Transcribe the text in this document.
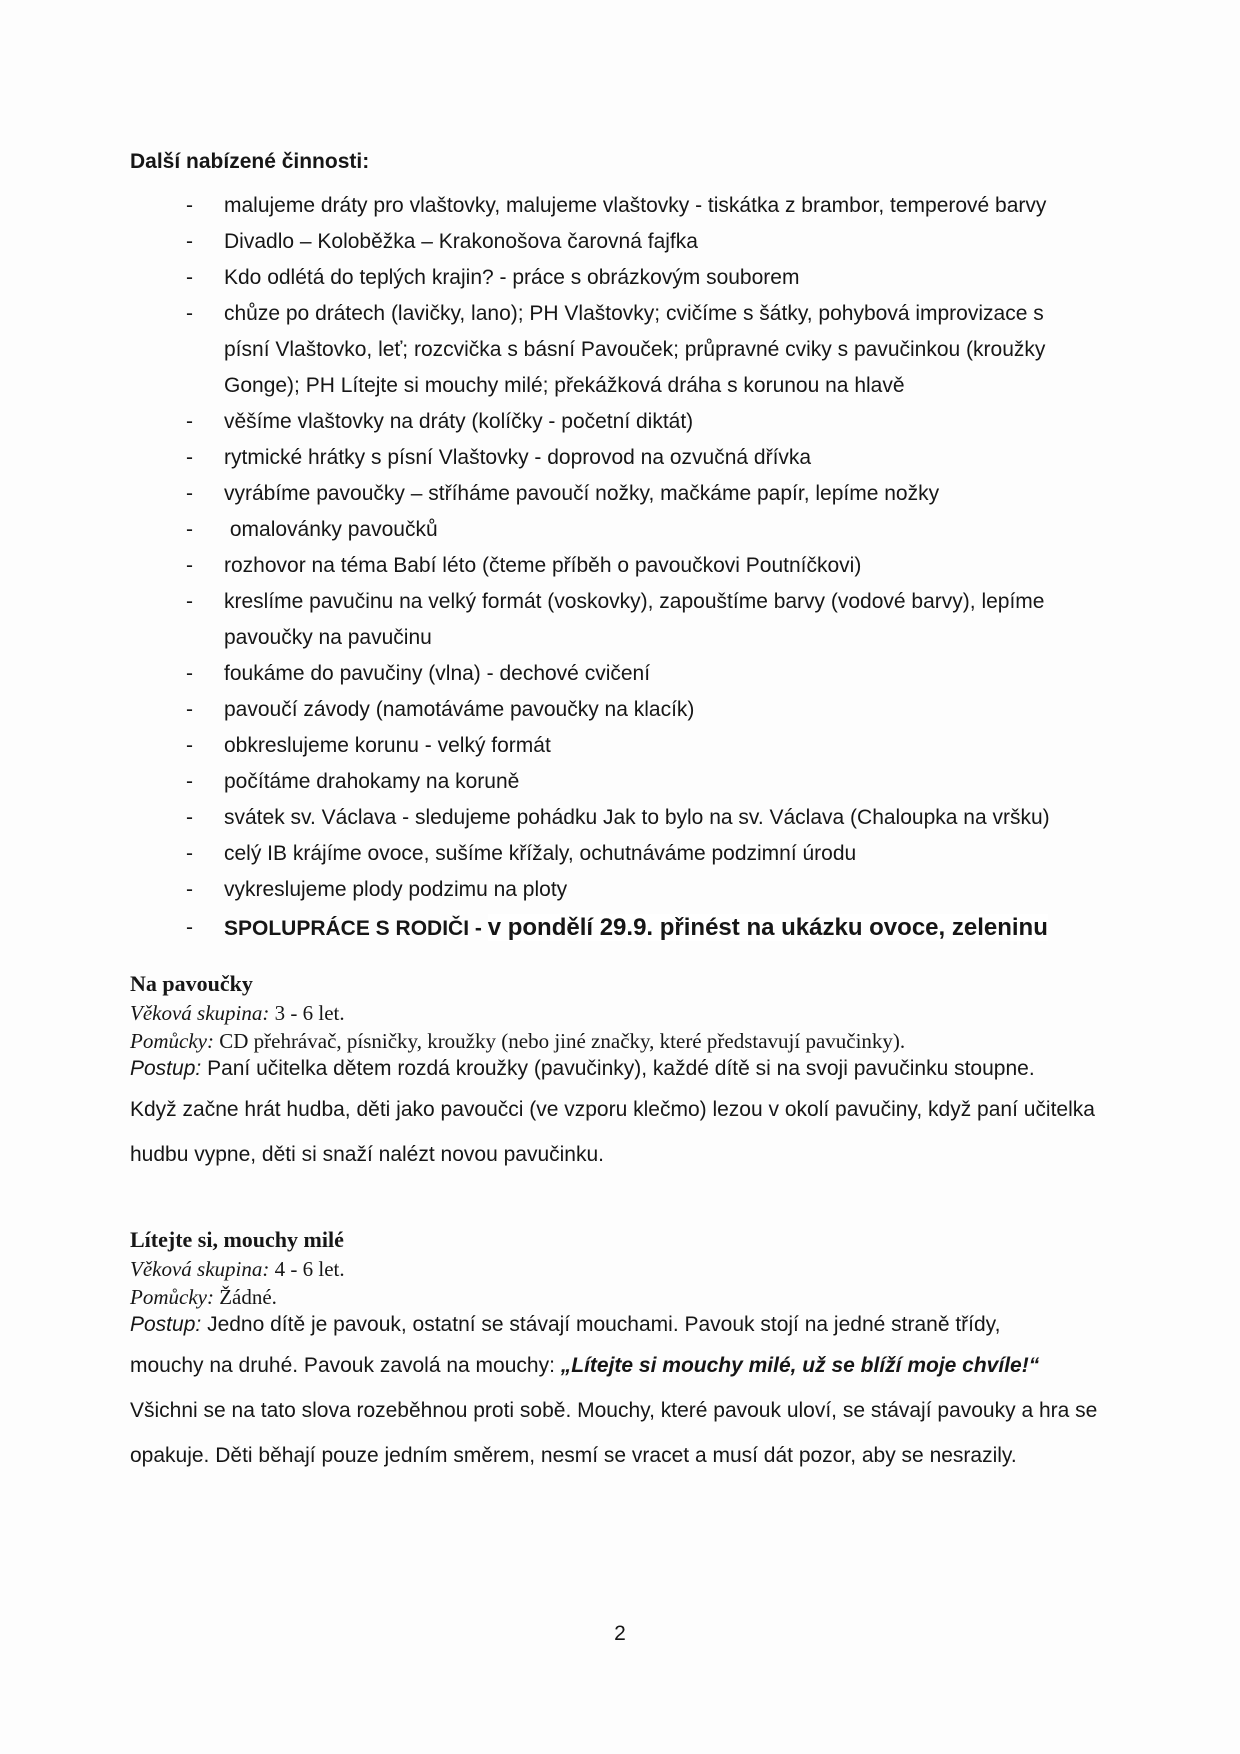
Další nabízené činnosti:

- malujeme dráty pro vlaštovky, malujeme vlaštovky - tiskátka z brambor, temperové barvy
- Divadlo – Koloběžka – Krakonošova čarovná fajfka
- Kdo odlétá do teplých krajin? - práce s obrázkovým souborem
- chůze po drátech (lavičky, lano); PH Vlaštovky; cvičíme s šátky, pohybová improvizace s písní Vlaštovko, leť; rozcvička s básní Pavouček; průpravné cviky s pavučinkou (kroužky Gonge); PH Lítejte si mouchy milé; překážková dráha s korunou na hlavě
- věšíme vlaštovky na dráty (kolíčky - početní diktát)
- rytmické hrátky s písní Vlaštovky - doprovod na ozvučná dřívka
- vyrábíme pavoučky – stříháme pavoučí nožky, mačkáme papír, lepíme nožky
- omalovánky pavoučků
- rozhovor na téma Babí léto (čteme příběh o pavoučkovi Poutníčkovi)
- kreslíme pavučinu na velký formát (voskovky), zapouštíme barvy (vodové barvy), lepíme pavoučky na pavučinu
- foukáme do pavučiny (vlna) - dechové cvičení
- pavoučí závody (namotáváme pavoučky na klacík)
- obkreslujeme korunu - velký formát
- počítáme drahokamy na koruně
- svátek sv. Václava - sledujeme pohádku Jak to bylo na sv. Václava (Chaloupka na vršku)
- celý IB krájíme ovoce, sušíme křížaly, ochutnáváme podzimní úrodu
- vykreslujeme plody podzimu na ploty
- SPOLUPRÁCE S RODIČI - v pondělí 29.9. přinést na ukázku ovoce, zeleninu

Na pavoučky

Věková skupina: 3 - 6 let.
Pomůcky: CD přehrávač, písničky, kroužky (nebo jiné značky, které představují pavučinky).
Postup: Paní učitelka dětem rozdá kroužky (pavučinky), každé dítě si na svoji pavučinku stoupne.

Když začne hrát hudba, děti jako pavoučci (ve vzporu klečmo) lezou v okolí pavučiny, když paní učitelka hudbu vypne, děti si snaží nalézt novou pavučinku.

Lítejte si, mouchy milé

Věková skupina: 4 - 6 let.
Pomůcky: Žádné.
Postup: Jedno dítě je pavouk, ostatní se stávají mouchami. Pavouk stojí na jedné straně třídy,

mouchy na druhé. Pavouk zavolá na mouchy: „Lítejte si mouchy milé, už se blíží moje chvíle!“ Všichni se na tato slova rozeběhnou proti sobě. Mouchy, které pavouk uloví, se stávají pavouky a hra se opakuje. Děti běhají pouze jedním směrem, nesmí se vracet a musí dát pozor, aby se nesrazily.

2
